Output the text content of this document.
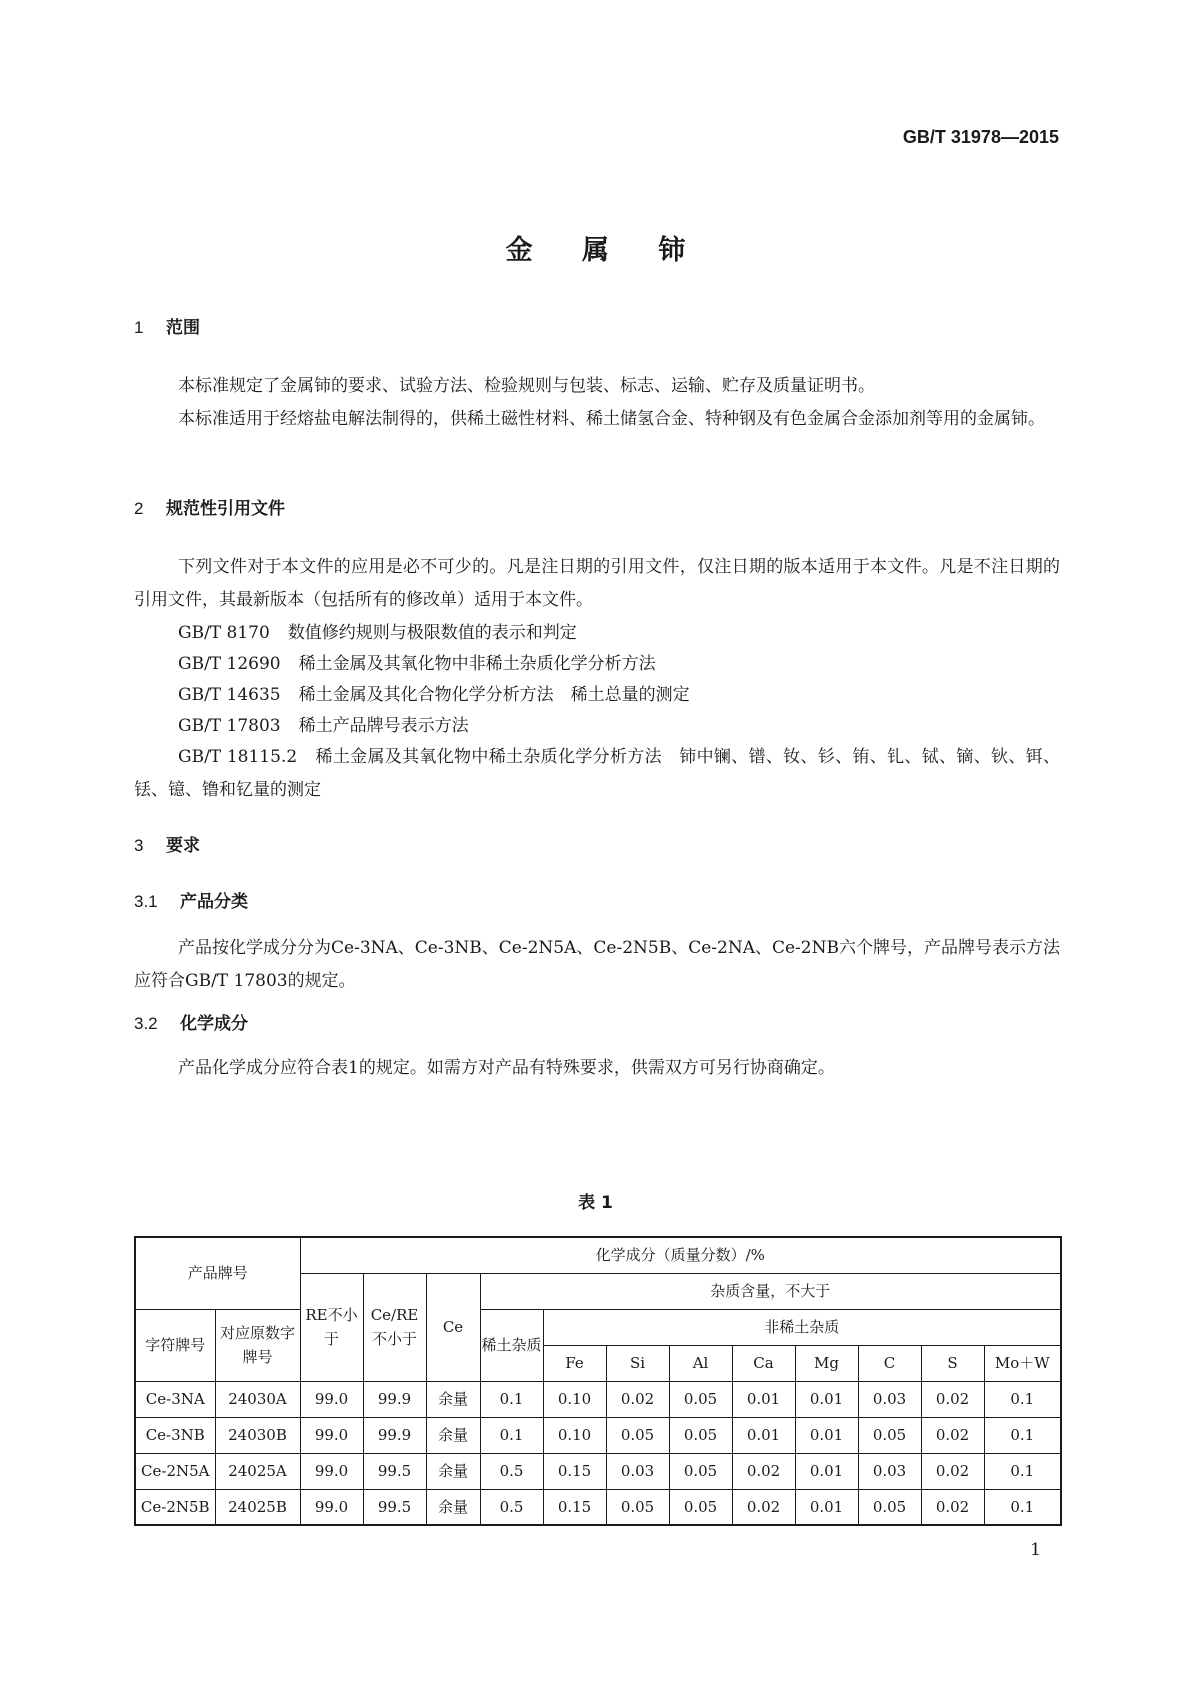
GB/T 31978—2015

金 属 铈
1 范围

本标准规定了金属铈的要求、试验方法、检验规则与包装、标志、运输、贮存及质量证明书。

本标准适用于经熔盐电解法制得的，供稀土磁性材料、稀土储氢合金、特种钢及有色金属合金添加剂等用的金属铈。

2 规范性引用文件

下列文件对于本文件的应用是必不可少的。凡是注日期的引用文件，仅注日期的版本适用于本文件。凡是不注日期的引用文件，其最新版本（包括所有的修改单）适用于本文件。

GB/T 8170 数值修约规则与极限数值的表示和判定

GB/T 12690 稀土金属及其氧化物中非稀土杂质化学分析方法

GB/T 14635 稀土金属及其化合物化学分析方法　稀土总量的测定

GB/T 17803 稀土产品牌号表示方法

GB/T 18115.2 稀土金属及其氧化物中稀土杂质化学分析方法　铈中镧、镨、钕、钐、铕、钆、铽、镝、钬、铒、铥、镱、镥和钇量的测定

3 要求
3.1 产品分类

产品按化学成分分为Ce-3NA、Ce-3NB、Ce-2N5A、Ce-2N5B、Ce-2NA、Ce-2NB六个牌号，产品牌号表示方法应符合GB/T 17803的规定。

3.2 化学成分

产品化学成分应符合表1的规定。如需方对产品有特殊要求，供需双方可另行协商确定。

表 1

产品牌号		化学成分（质量分数）/%											
		RE不小于	Ce/RE不小于	Ce	杂质含量，不大于								
字符牌号	对应原数字牌号				稀土杂质	非稀土杂质							
						Fe	Si	Al	Ca	Mg	C	S	Mo＋W
Ce-3NA	24030A	99.0	99.9	余量	0.1	0.10	0.02	0.05	0.01	0.01	0.03	0.02	0.1
Ce-3NB	24030B	99.0	99.9	余量	0.1	0.10	0.05	0.05	0.01	0.01	0.05	0.02	0.1
Ce-2N5A	24025A	99.0	99.5	余量	0.5	0.15	0.03	0.05	0.02	0.01	0.03	0.02	0.1
Ce-2N5B	24025B	99.0	99.5	余量	0.5	0.15	0.05	0.05	0.02	0.01	0.05	0.02	0.1

1
